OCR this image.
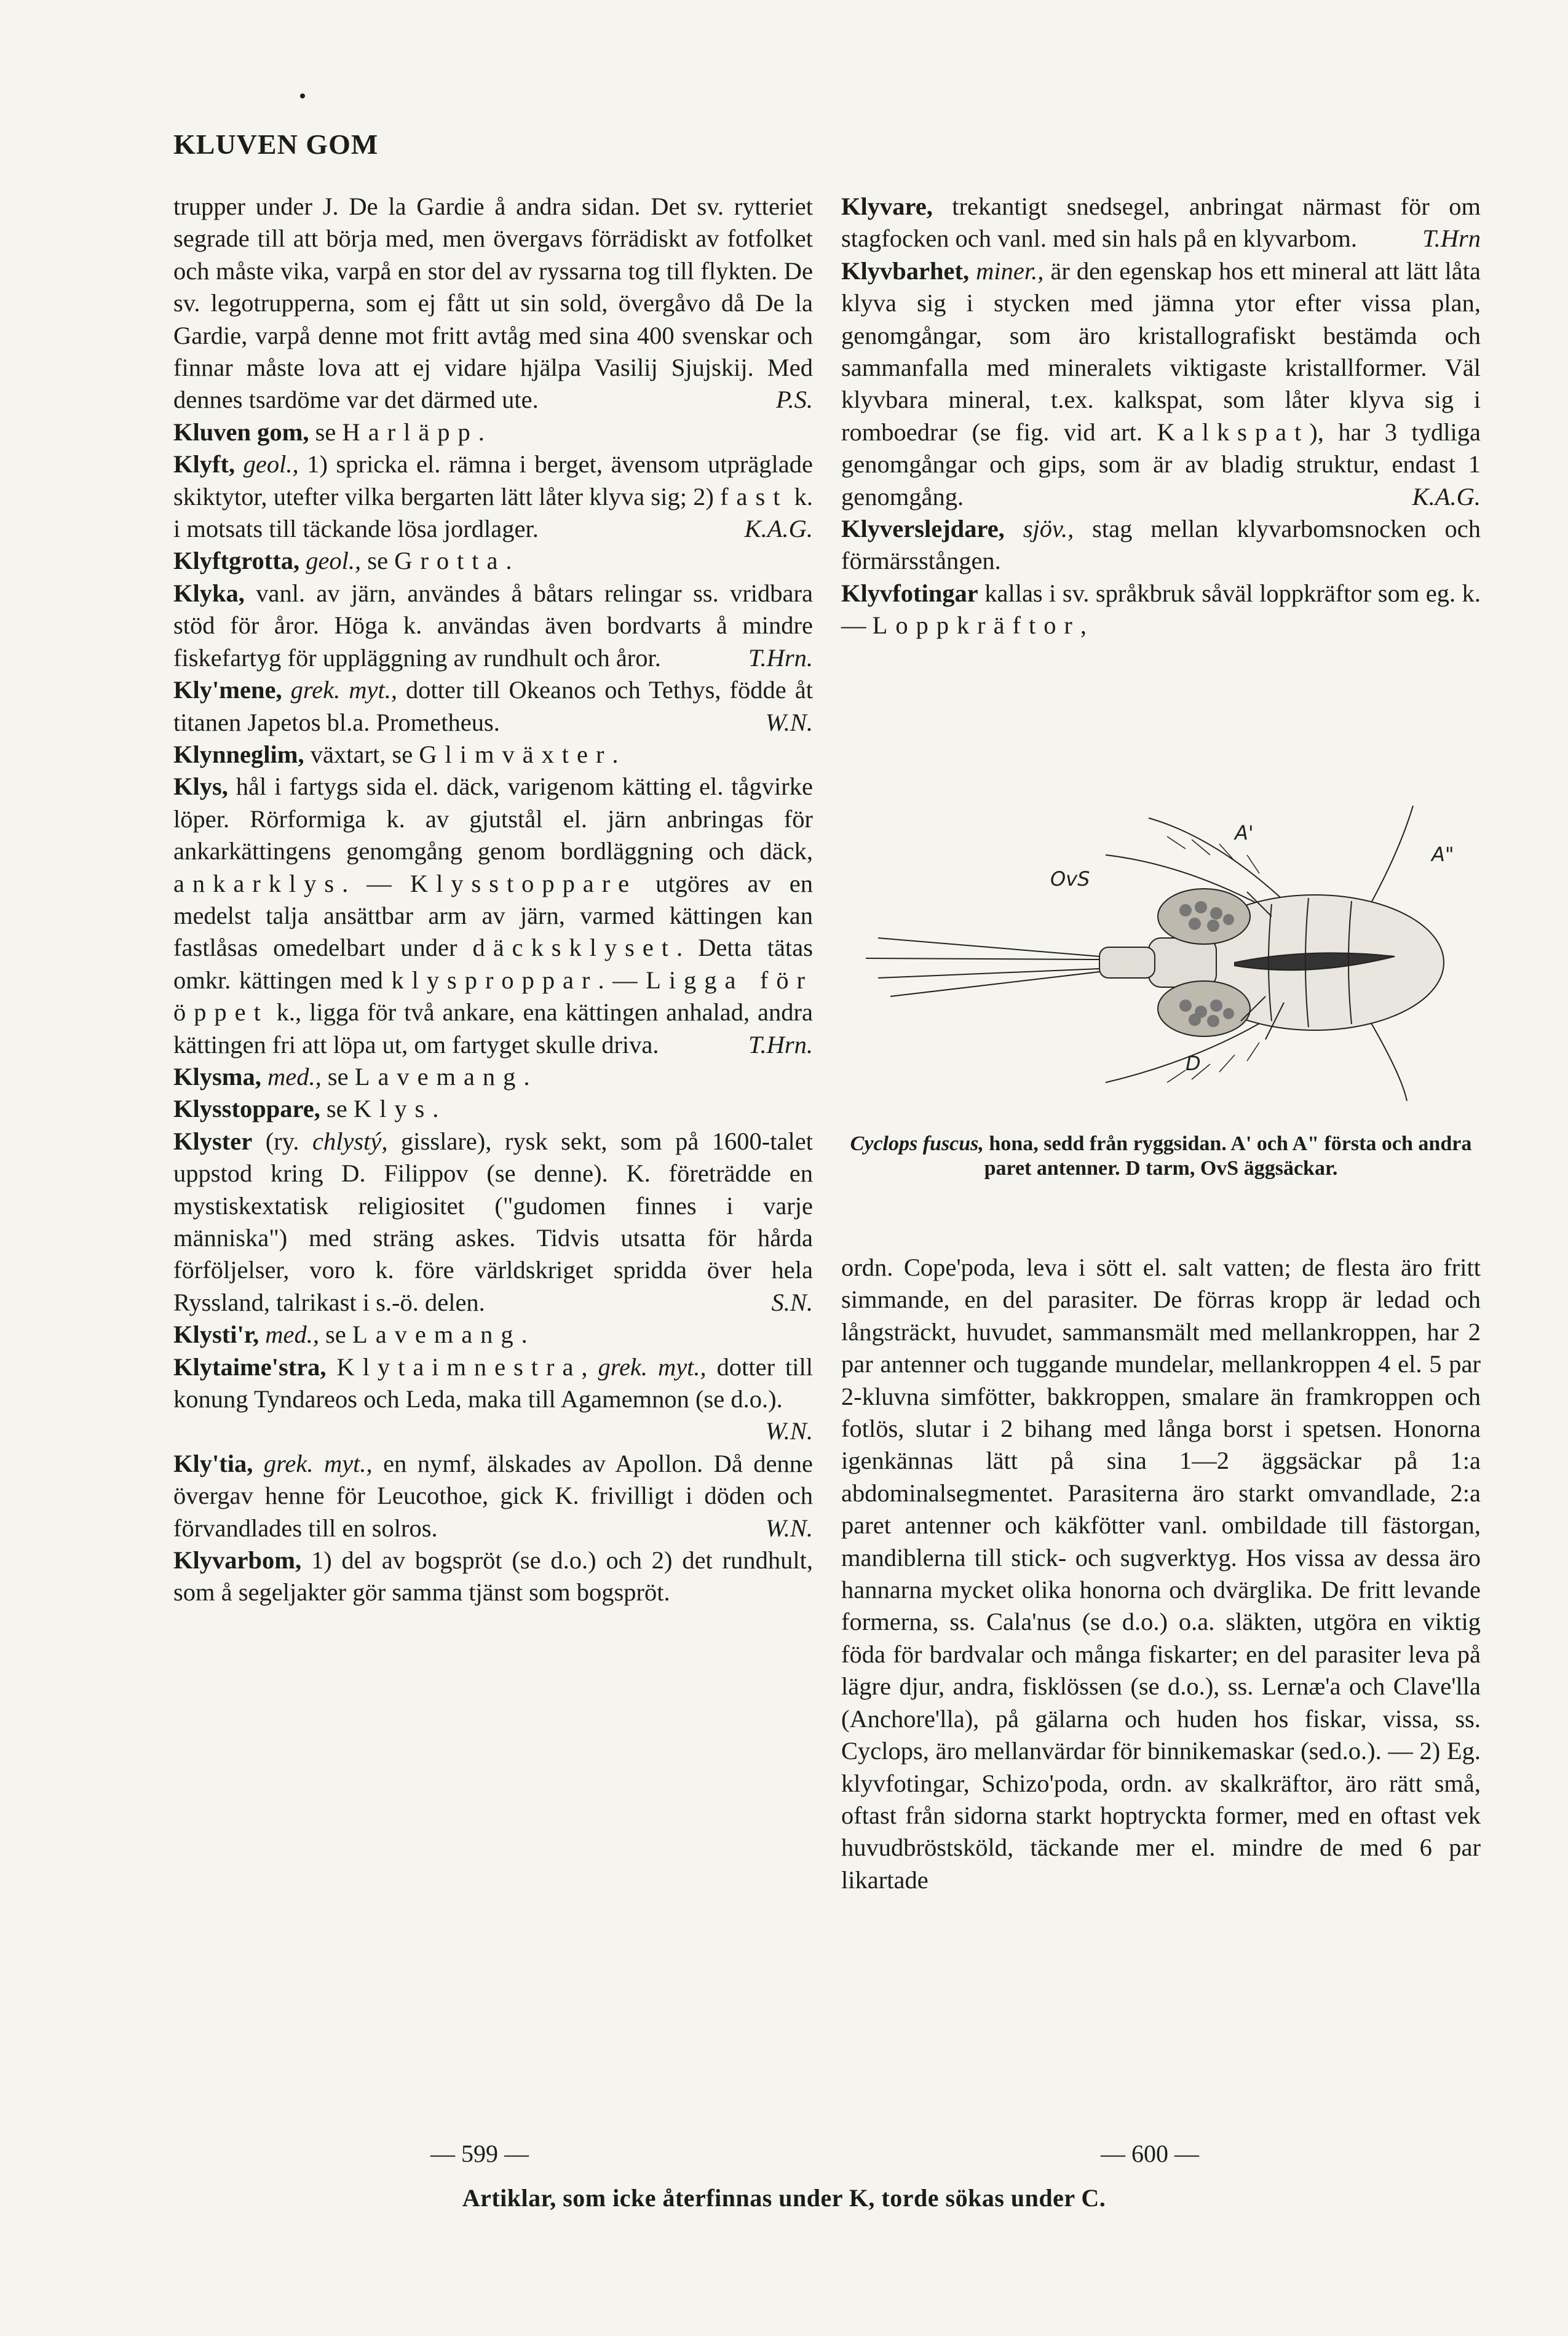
KLUVEN GOM

trupper under J. De la Gardie å andra sidan. Det sv. rytteriet segrade till att börja med, men övergavs förrädiskt av fotfolket och måste vika, varpå en stor del av ryssarna tog till flykten. De sv. legotrupperna, som ej fått ut sin sold, övergåvo då De la Gardie, varpå denne mot fritt avtåg med sina 400 svenskar och finnar måste lova att ej vidare hjälpa Vasilij Sjujskij. Med dennes tsardöme var det därmed ute.	P.S.

Kluven gom, se Harläpp.

Klyft, geol., 1) spricka el. rämna i berget, ävensom utpräglade skiktytor, utefter vilka bergarten lätt låter klyva sig; 2) fast k. i motsats till täckande lösa jordlager.	K.A.G.

Klyftgrotta, geol., se Grotta.

Klyka, vanl. av järn, användes å båtars relingar ss. vridbara stöd för åror. Höga k. användas även bordvarts å mindre fiskefartyg för uppläggning av rundhult och åror.	T.Hrn.

Kly'mene, grek. myt., dotter till Okeanos och Tethys, födde åt titanen Japetos bl.a. Prometheus.	W.N.

Klynneglim, växtart, se Glimväxter.

Klys, hål i fartygs sida el. däck, varigenom kätting el. tågvirke löper. Rörformiga k. av gjutstål el. järn anbringas för ankarkättingens genomgång genom bordläggning och däck, ankarklys. — Klysstoppare utgöres av en medelst talja ansättbar arm av järn, varmed kättingen kan fastlåsas omedelbart under däcksklyset. Detta tätas omkr. kättingen med klysproppar. — Ligga för öppet k., ligga för två ankare, ena kättingen anhalad, andra kättingen fri att löpa ut, om fartyget skulle driva.	T.Hrn.

Klysma, med., se Lavemang.

Klysstoppare, se Klys.

Klyster (ry. chlystý, gisslare), rysk sekt, som på 1600-talet uppstod kring D. Filippov (se denne). K. företrädde en mystiskextatisk religiositet ("gudomen finnes i varje människa") med sträng askes. Tidvis utsatta för hårda förföljelser, voro k. före världskriget spridda över hela Ryssland, talrikast i s.-ö. delen.	S.N.

Klysti'r, med., se Lavemang.

Klytaime'stra, Klytaimnestra, grek. myt., dotter till konung Tyndareos och Leda, maka till Agamemnon (se d.o.).
W.N.

Kly'tia, grek. myt., en nymf, älskades av Apollon. Då denne övergav henne för Leucothoe, gick K. frivilligt i döden och förvandlades till en solros.	W.N.

Klyvarbom, 1) del av bogspröt (se d.o.) och 2) det rundhult, som å segeljakter gör samma tjänst som bogspröt.

Klyvare, trekantigt snedsegel, anbringat närmast för om stagfocken och vanl. med sin hals på en klyvarbom.	T.Hrn

Klyvbarhet, miner., är den egenskap hos ett mineral att lätt låta klyva sig i stycken med jämna ytor efter vissa plan, genomgångar, som äro kristallografiskt bestämda och sammanfalla med mineralets viktigaste kristallformer. Väl klyvbara mineral, t.ex. kalkspat, som låter klyva sig i romboedrar (se fig. vid art. Kalkspat), har 3 tydliga genomgångar och gips, som är av bladig struktur, endast 1 genomgång.	K.A.G.

Klyverslejdare, sjöv., stag mellan klyvarbomsnocken och förmärsstången.

Klyvfotingar kallas i sv. språkbruk såväl loppkräftor som eg. k. — Loppkräftor,

A'
A"
OvS
D
Cyclops fuscus, hona, sedd från ryggsidan. A' och A" första och andra paret antenner. D tarm, OvS äggsäckar.

ordn. Cope'poda, leva i sött el. salt vatten; de flesta äro fritt simmande, en del parasiter. De förras kropp är ledad och långsträckt, huvudet, sammansmält med mellankroppen, har 2 par antenner och tuggande mundelar, mellankroppen 4 el. 5 par 2-kluvna simfötter, bakkroppen, smalare än framkroppen och fotlös, slutar i 2 bihang med långa borst i spetsen. Honorna igenkännas lätt på sina 1—2 äggsäckar på 1:a abdominalsegmentet. Parasiterna äro starkt omvandlade, 2:a paret antenner och käkfötter vanl. ombildade till fästorgan, mandiblerna till stick- och sugverktyg. Hos vissa av dessa äro hannarna mycket olika honorna och dvärglika. De fritt levande formerna, ss. Cala'nus (se d.o.) o.a. släkten, utgöra en viktig föda för bardvalar och många fiskarter; en del parasiter leva på lägre djur, andra, fisklössen (se d.o.), ss. Lernæ'a och Clave'lla (Anchore'lla), på gälarna och huden hos fiskar, vissa, ss. Cyclops, äro mellanvärdar för binnikemaskar (sed.o.). — 2) Eg. klyvfotingar, Schizo'poda, ordn. av skalkräftor, äro rätt små, oftast från sidorna starkt hoptryckta former, med en oftast vek huvudbröstsköld, täckande mer el. mindre de med 6 par likartade

— 599 —	— 600 —
Artiklar, som icke återfinnas under K, torde sökas under C.
